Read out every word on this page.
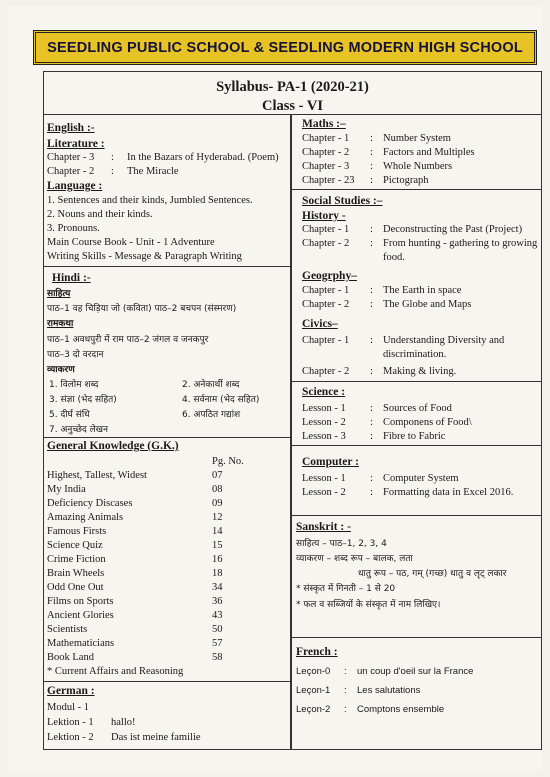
SEEDLING PUBLIC SCHOOL & SEEDLING MODERN HIGH SCHOOL
Syllabus- PA-1 (2020-21)
Class - VI
English :-
Literature :
Chapter - 3 : In the Bazars of Hyderabad. (Poem)
Chapter - 2 : The Miracle
Language :
1. Sentences and their kinds, Jumbled Sentences.
2. Nouns and their kinds.
3. Pronouns.
Main Course Book - Unit - 1 Adventure
Writing Skills - Message & Paragraph Writing
Hindi :-
साहित्य
पाठ–1 वह चिड़िया जो (कविता) पाठ–2 बचपन (संस्मरण)
रामकथा
पाठ–1 अवधपुरी में राम पाठ–2 जंगल व जनकपुर
पाठ–3 दो वरदान
व्याकरण
1. विलोम शब्द	2. अनेकार्थी शब्द
3. संज्ञा (भेद सहित)	4. सर्वनाम (भेद सहित)
5. दीर्घ संधि	6. अपठित गद्यांश
7. अनुच्छेद लेखन
General Knowledge (G.K.)
Pg. No.
* Current Affairs and Reasoning
German :
Modul - 1
Lektion - 1 hallo!
Lektion - 2 Das ist meine familie
Highest, Tallest, Widest	07
My India	08
Deficiency Discases	09
Amazing Animals	12
Famous Firsts	14
Science Quiz	15
Crime Fiction	16
Brain Wheels	18
Odd One Out	34
Films on Sports	36
Ancient Glories	43
Scientists	50
Mathematicians	57
Book Land	58
Maths :–
Social Studies :–
History -
Chapter - 1 : Deconstructing the Past (Project)
Chapter - 2 : From hunting - gathering to growing
food.
Geogrphy–
Chapter - 1 : The Earth in space
Chapter - 2 : The Globe and Maps
Civics–
Chapter - 1 : Understanding Diversity and
discrimination.
Chapter - 2 : Making & living.
Science :
Computer :
Sanskrit : -
साहित्य – पाठ–1, 2, 3, 4
व्याकरण – शब्द रूप – बालक, लता
धातु रूप – पठ, गम् (गच्छ) धातु व लृट् लकार
* संस्कृत में गिनती – 1 से 20
* फल व सब्जियों के संस्कृत में नाम लिखिए।
French :
Chapter - 1 : Number System
Chapter - 2 : Factors and Multiples
Chapter - 3 : Whole Numbers
Chapter - 23 : Pictograph
Lesson - 1 : Sources of Food
Lesson - 2 : Componens of Food\
Lesson - 3 : Fibre to Fabric
Lesson - 1 : Computer System
Lesson - 2 : Formatting data in Excel 2016.
Leçon-0 : un coup d'oeil sur la France
Leçon-1 : Les salutations
Leçon-2 : Comptons ensemble
